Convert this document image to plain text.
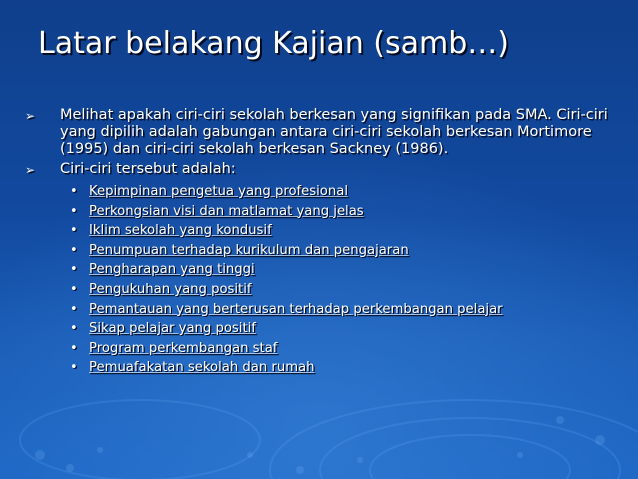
Latar belakang Kajian (samb…)
➢ Melihat apakah ciri-ciri sekolah berkesan yang signifikan pada SMA. Ciri-ciri yang dipilih adalah gabungan antara ciri-ciri sekolah berkesan Mortimore (1995) dan ciri-ciri sekolah berkesan Sackney (1986).
➢ Ciri-ciri tersebut adalah:
• Kepimpinan pengetua yang profesional
• Perkongsian visi dan matlamat yang jelas
• Iklim sekolah yang kondusif
• Penumpuan terhadap kurikulum dan pengajaran
• Pengharapan yang tinggi
• Pengukuhan yang positif
• Pemantauan yang berterusan terhadap perkembangan pelajar
• Sikap pelajar yang positif
• Program perkembangan staf
• Pemuafakatan sekolah dan rumah
